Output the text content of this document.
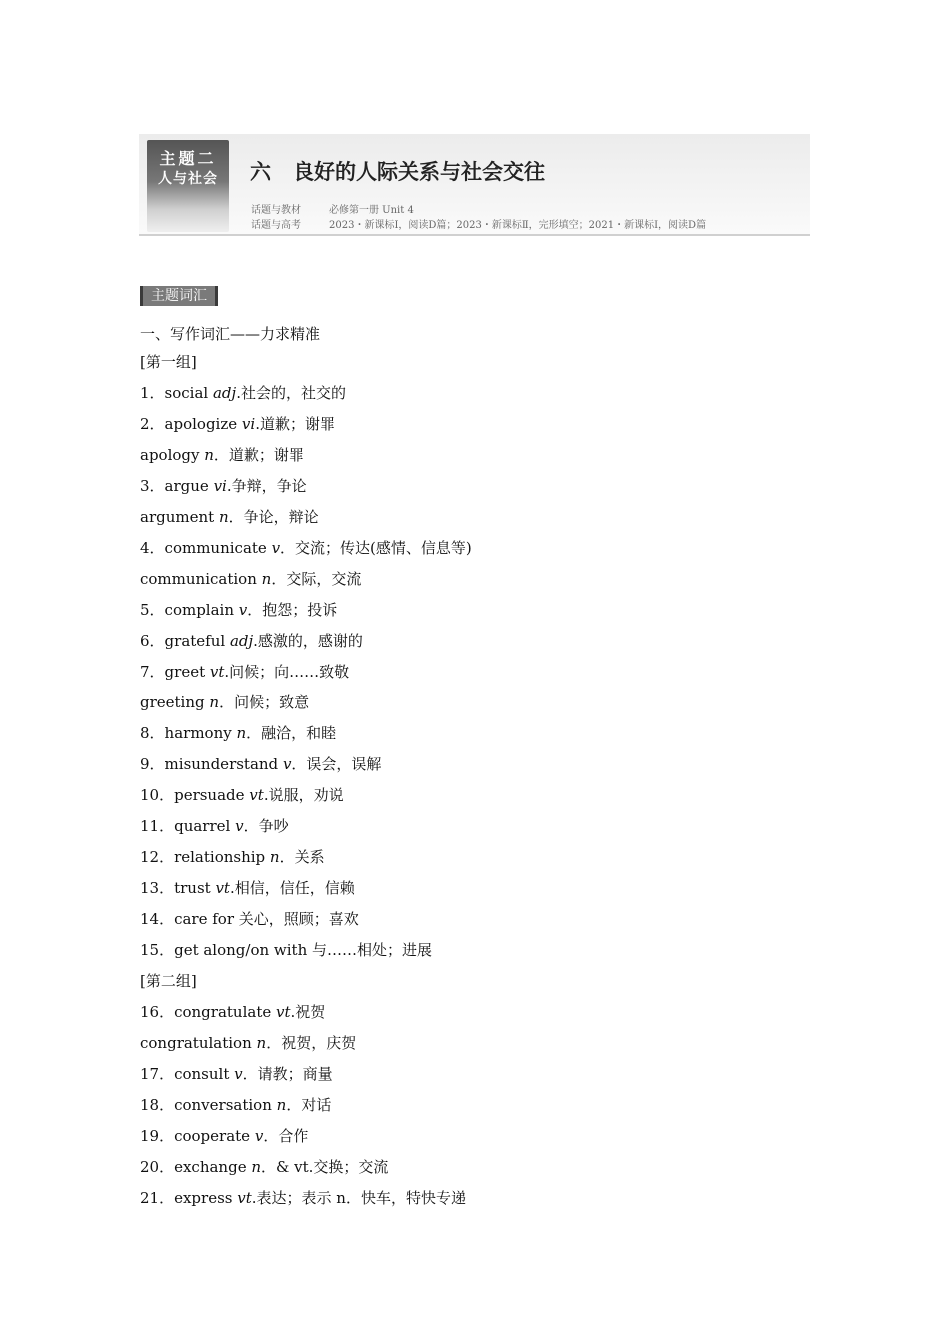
主题二
人与社会	六 良好的人际关系与社会交往
话题与教材	必修第一册 Unit 4
话题与高考	2023・新课标Ⅰ，阅读D篇；2023・新课标Ⅱ，完形填空；2021・新课标Ⅰ，阅读D篇
主题词汇
一、写作词汇——力求精准
[第一组]
1．social adj.社会的，社交的
2．apologize vi.道歉；谢罪
apology n．道歉；谢罪
3．argue vi.争辩，争论
argument n．争论，辩论
4．communicate v．交流；传达(感情、信息等)
communication n．交际，交流
5．complain v．抱怨；投诉
6．grateful adj.感激的，感谢的
7．greet vt.问候；向……致敬
greeting n．问候；致意
8．harmony n．融洽，和睦
9．misunderstand v．误会，误解
10．persuade vt.说服，劝说
11．quarrel v．争吵
12．relationship n．关系
13．trust vt.相信，信任，信赖
14．care for 关心，照顾；喜欢
15．get along/on with 与……相处；进展
[第二组]
16．congratulate vt.祝贺
congratulation n．祝贺，庆贺
17．consult v．请教；商量
18．conversation n．对话
19．cooperate v．合作
20．exchange n．& vt.交换；交流
21．express vt.表达；表示 n．快车，特快专递
